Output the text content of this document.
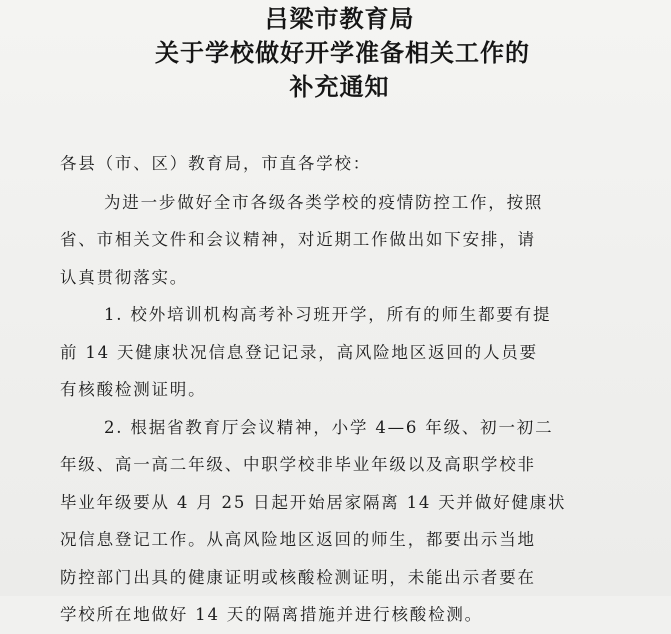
吕梁市教育局
关于学校做好开学准备相关工作的
补充通知
各县（市、区）教育局，市直各学校：
为进一步做好全市各级各类学校的疫情防控工作，按照
省、市相关文件和会议精神，对近期工作做出如下安排，请
认真贯彻落实。
1. 校外培训机构高考补习班开学，所有的师生都要有提
前 14 天健康状况信息登记记录，高风险地区返回的人员要
有核酸检测证明。
2. 根据省教育厅会议精神，小学 4—6 年级、初一初二
年级、高一高二年级、中职学校非毕业年级以及高职学校非
毕业年级要从 4 月 25 日起开始居家隔离 14 天并做好健康状
况信息登记工作。从高风险地区返回的师生，都要出示当地
防控部门出具的健康证明或核酸检测证明，未能出示者要在
学校所在地做好 14 天的隔离措施并进行核酸检测。
